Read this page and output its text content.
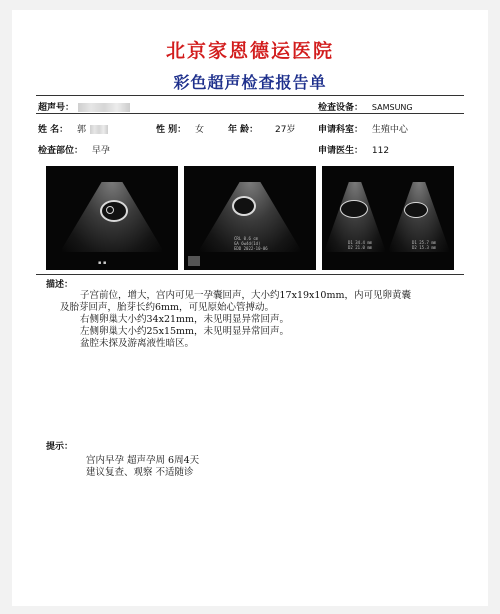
北京家恩德运医院
彩色超声检查报告单
超声号：	检查设备： SAMSUNG
姓 名： 郭	性 别： 女	年 龄： 27岁	申请科室： 生殖中心
检查部位： 早孕	申请医生： 112
▪ ▪
CRL 0.6 cm
GA 6w4d(1d)
EDD 2022-10-06
D1 34.4 mm
D2 21.0 mm
D1 25.7 mm
D2 15.3 mm
描述：
子宫前位，增大，宫内可见一孕囊回声，大小约17x19x10mm，内可见卵黄囊
及胎芽回声，胎芽长约6mm，可见原始心管搏动。
右侧卵巢大小约34x21mm，未见明显异常回声。
左侧卵巢大小约25x15mm，未见明显异常回声。
盆腔未探及游离液性暗区。
提示：
宫内早孕 超声孕周 6周4天
建议复查、观察 不适随诊
